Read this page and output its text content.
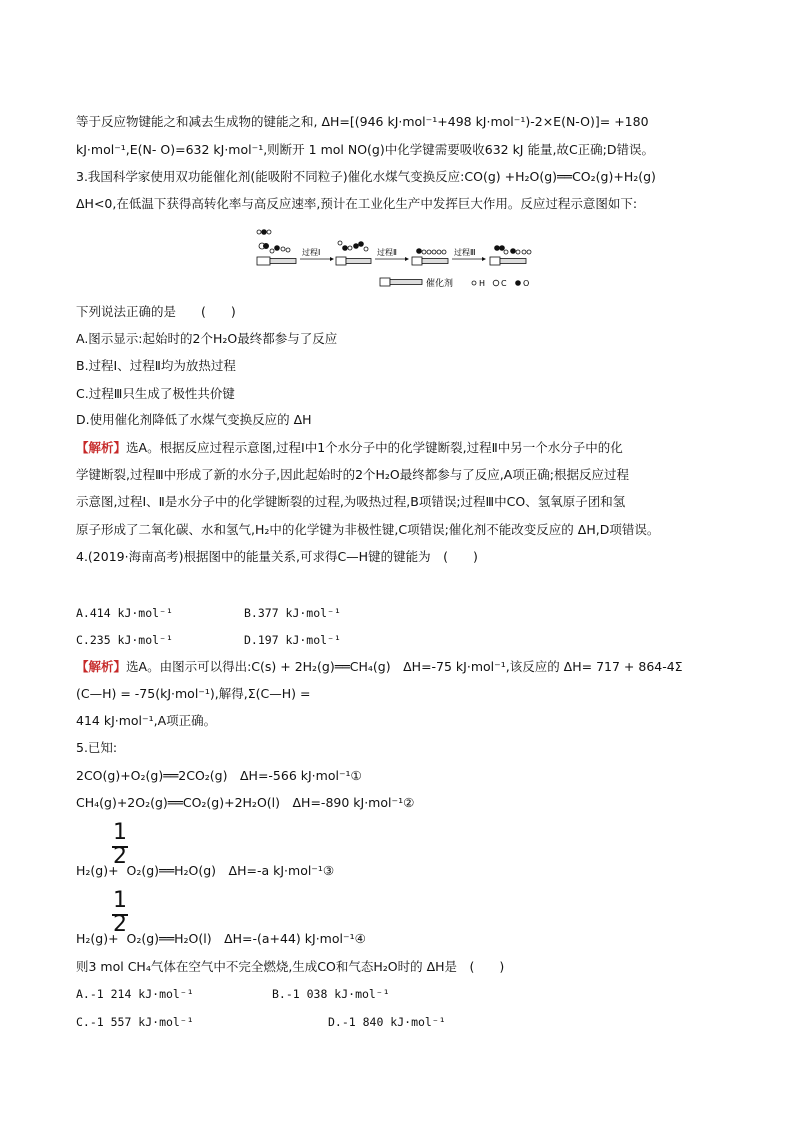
等于反应物键能之和减去生成物的键能之和, ΔH=[(946 kJ·mol⁻¹+498 kJ·mol⁻¹)-2×E(N-O)]= +180
kJ·mol⁻¹,E(N- O)=632 kJ·mol⁻¹,则断开 1 mol NO(g)中化学键需要吸收632 kJ 能量,故C正确;D错误。
3.我国科学家使用双功能催化剂(能吸附不同粒子)催化水煤气变换反应:CO(g) +H₂O(g)══CO₂(g)+H₂(g)
ΔH<0,在低温下获得高转化率与高反应速率,预计在工业化生产中发挥巨大作用。反应过程示意图如下:
过程Ⅰ	过程Ⅱ	过程Ⅲ
催化剂	H C O
下列说法正确的是　　(　　)
A.图示显示:起始时的2个H₂O最终都参与了反应
B.过程Ⅰ、过程Ⅱ均为放热过程
C.过程Ⅲ只生成了极性共价键
D.使用催化剂降低了水煤气变换反应的 ΔH
【解析】选A。根据反应过程示意图,过程Ⅰ中1个水分子中的化学键断裂,过程Ⅱ中另一个水分子中的化
学键断裂,过程Ⅲ中形成了新的水分子,因此起始时的2个H₂O最终都参与了反应,A项正确;根据反应过程
示意图,过程Ⅰ、Ⅱ是水分子中的化学键断裂的过程,为吸热过程,B项错误;过程Ⅲ中CO、氢氧原子团和氢
原子形成了二氧化碳、水和氢气,H₂中的化学键为非极性键,C项错误;催化剂不能改变反应的 ΔH,D项错误。
4.(2019·海南高考)根据图中的能量关系,可求得C—H键的键能为　(　　)
A.414 kJ·mol⁻¹	B.377 kJ·mol⁻¹
C.235 kJ·mol⁻¹	D.197 kJ·mol⁻¹
【解析】选A。由图示可以得出:C(s) + 2H₂(g)══CH₄(g)　ΔH=-75 kJ·mol⁻¹,该反应的 ΔH= 717 + 864-4Σ
(C—H) = -75(kJ·mol⁻¹),解得,Σ(C—H) =
414 kJ·mol⁻¹,A项正确。
5.已知:
2CO(g)+O₂(g)══2CO₂(g)　ΔH=-566 kJ·mol⁻¹①
CH₄(g)+2O₂(g)══CO₂(g)+2H₂O(l)　ΔH=-890 kJ·mol⁻¹②
1
2
H₂(g)+  O₂(g)══H₂O(g)　ΔH=-a kJ·mol⁻¹③
1
2
H₂(g)+  O₂(g)══H₂O(l)　ΔH=-(a+44) kJ·mol⁻¹④
则3 mol CH₄气体在空气中不完全燃烧,生成CO和气态H₂O时的 ΔH是　(　　)
A.-1 214 kJ·mol⁻¹	B.-1 038 kJ·mol⁻¹
C.-1 557 kJ·mol⁻¹	D.-1 840 kJ·mol⁻¹
